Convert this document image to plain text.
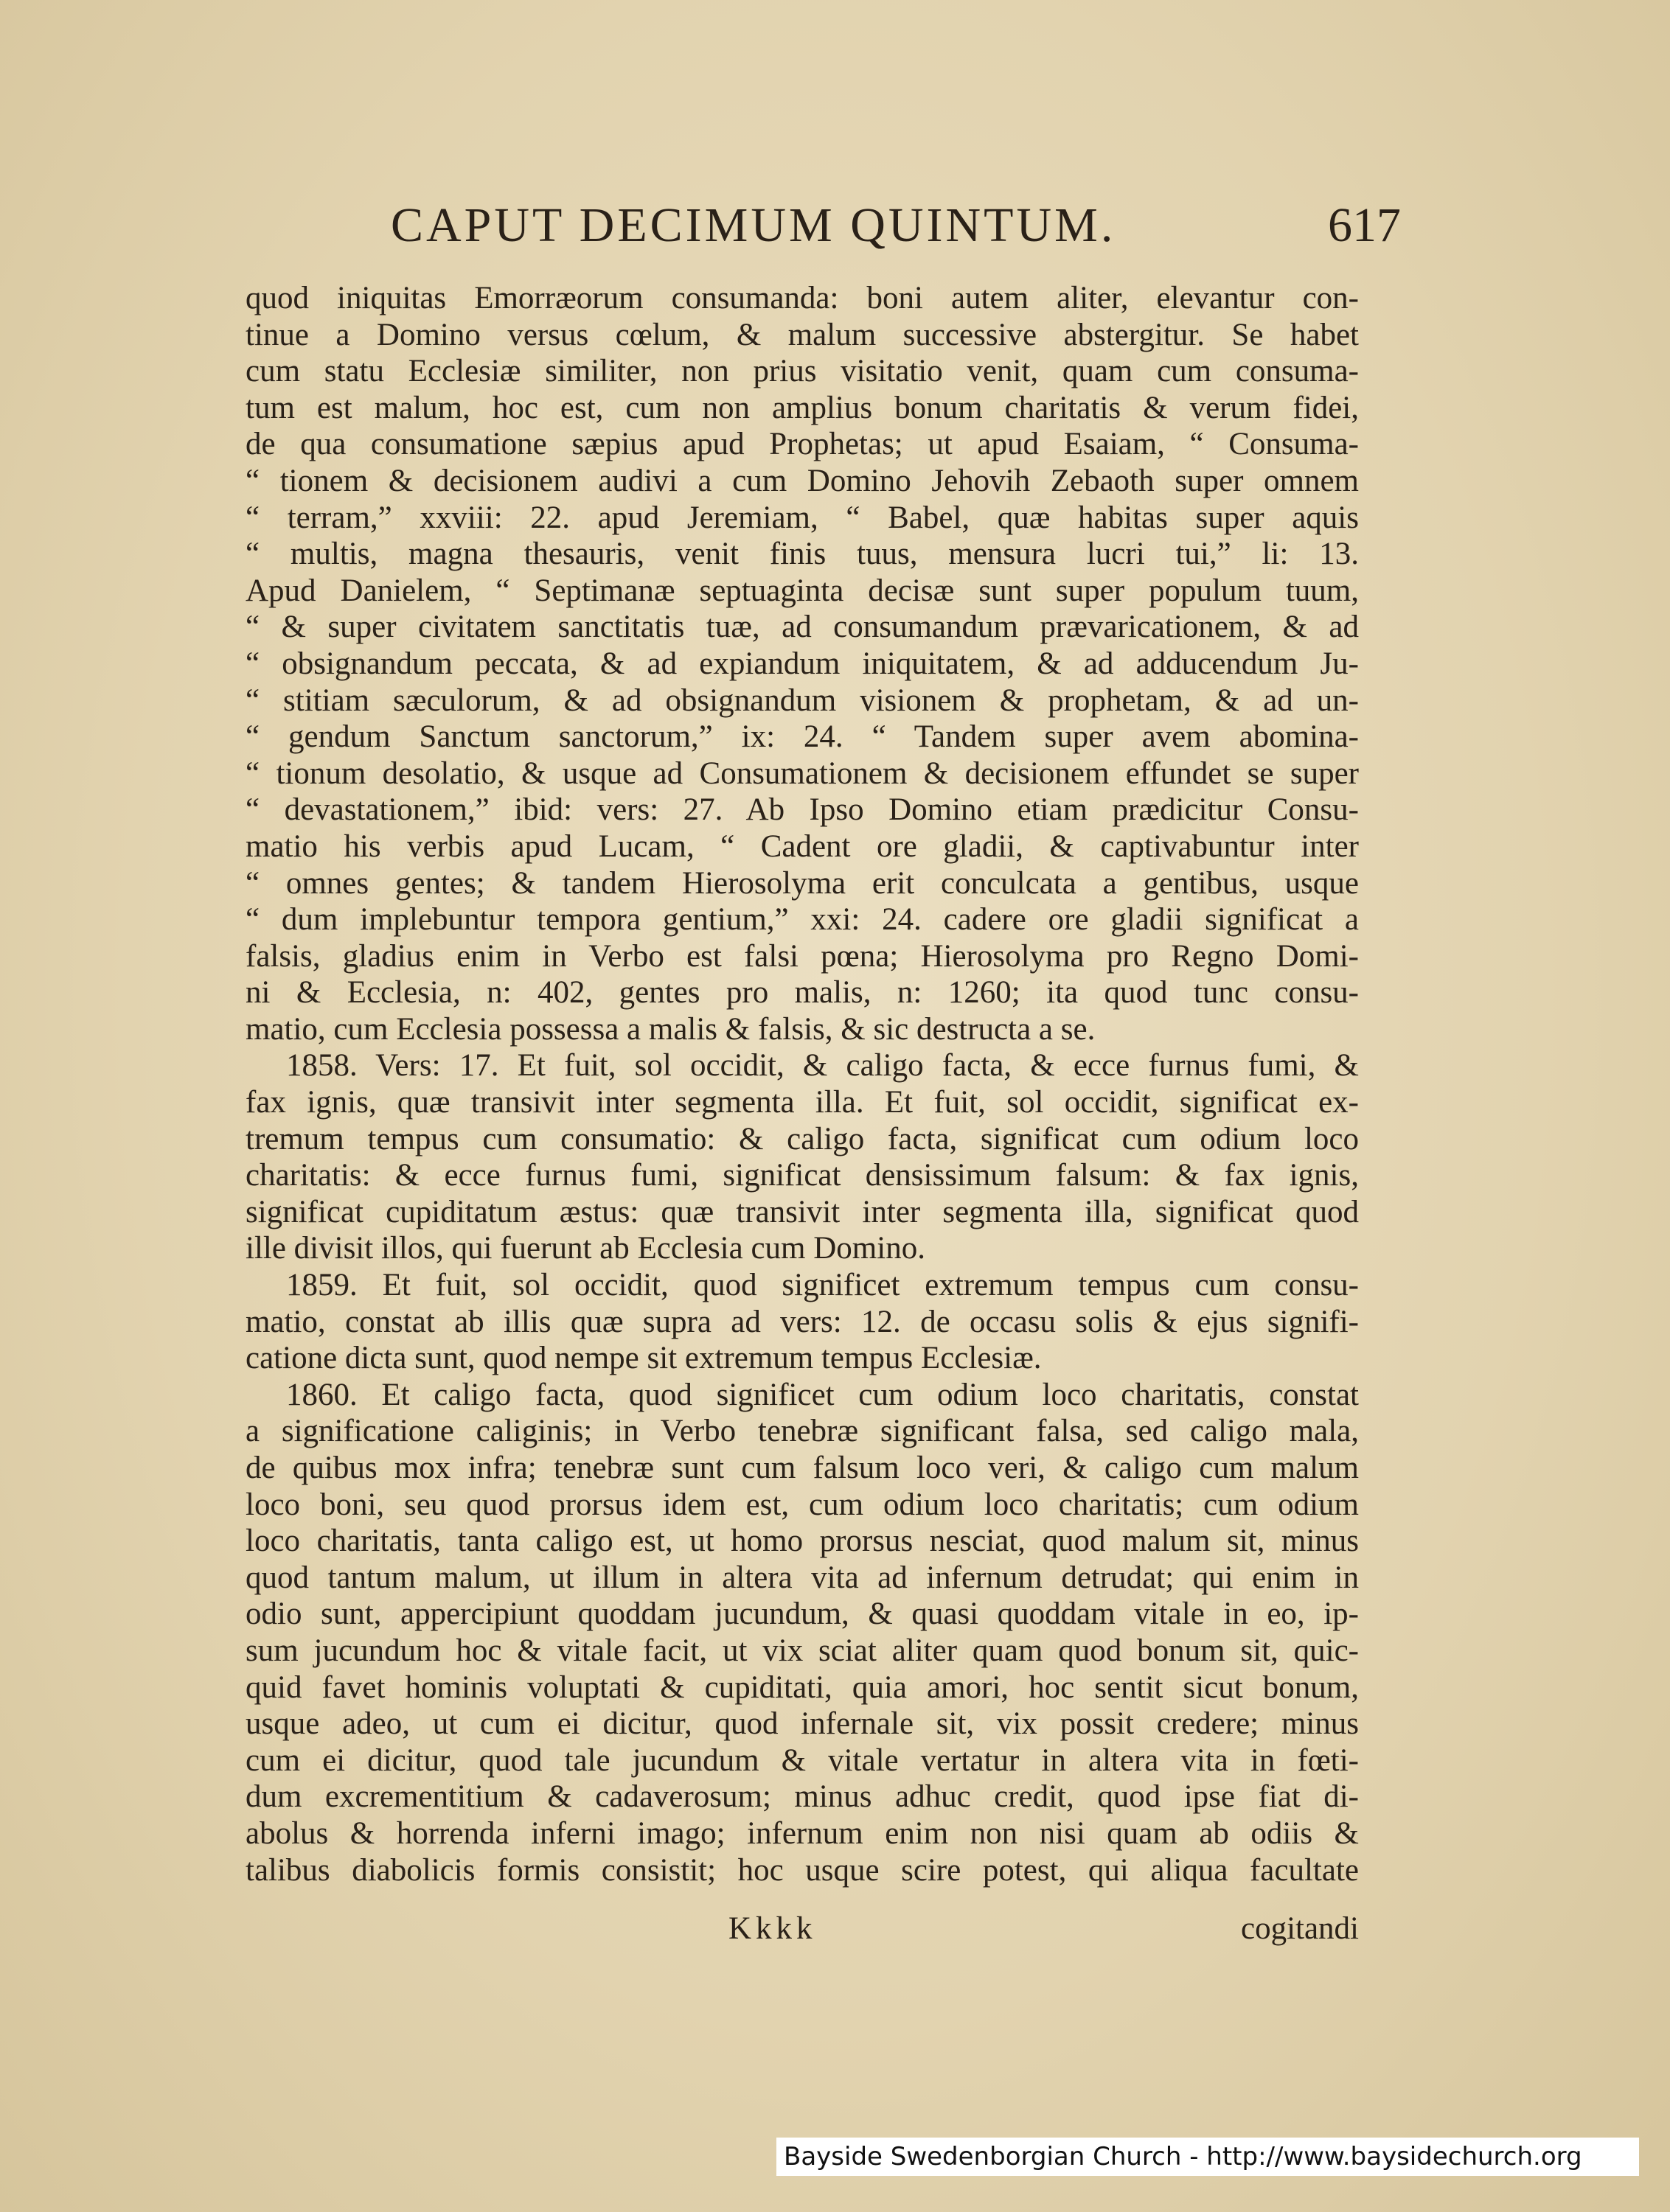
CAPUT DECIMUM QUINTUM.	617
quod iniquitas Emorræorum consumanda: boni autem aliter, elevantur con-
tinue a Domino versus cœlum, & malum successive abstergitur. Se habet
cum statu Ecclesiæ similiter, non prius visitatio venit, quam cum consuma-
tum est malum, hoc est, cum non amplius bonum charitatis & verum fidei,
de qua consumatione sæpius apud Prophetas; ut apud Esaiam, “ Consuma-
“ tionem & decisionem audivi a cum Domino Jehovih Zebaoth super omnem
“ terram,” xxviii: 22. apud Jeremiam, “ Babel, quæ habitas super aquis
“ multis, magna thesauris, venit finis tuus, mensura lucri tui,” li: 13.
Apud Danielem, “ Septimanæ septuaginta decisæ sunt super populum tuum,
“ & super civitatem sanctitatis tuæ, ad consumandum prævaricationem, & ad
“ obsignandum peccata, & ad expiandum iniquitatem, & ad adducendum Ju-
“ stitiam sæculorum, & ad obsignandum visionem & prophetam, & ad un-
“ gendum Sanctum sanctorum,” ix: 24. “ Tandem super avem abomina-
“ tionum desolatio, & usque ad Consumationem & decisionem effundet se super
“ devastationem,” ibid: vers: 27. Ab Ipso Domino etiam prædicitur Consu-
matio his verbis apud Lucam, “ Cadent ore gladii, & captivabuntur inter
“ omnes gentes; & tandem Hierosolyma erit conculcata a gentibus, usque
“ dum implebuntur tempora gentium,” xxi: 24. cadere ore gladii significat a
falsis, gladius enim in Verbo est falsi pœna; Hierosolyma pro Regno Domi-
ni & Ecclesia, n: 402, gentes pro malis, n: 1260; ita quod tunc consu-
matio, cum Ecclesia possessa a malis & falsis, & sic destructa a se.
1858. Vers: 17. Et fuit, sol occidit, & caligo facta, & ecce furnus fumi, &
fax ignis, quæ transivit inter segmenta illa. Et fuit, sol occidit, significat ex-
tremum tempus cum consumatio: & caligo facta, significat cum odium loco
charitatis: & ecce furnus fumi, significat densissimum falsum: & fax ignis,
significat cupiditatum æstus: quæ transivit inter segmenta illa, significat quod
ille divisit illos, qui fuerunt ab Ecclesia cum Domino.
1859. Et fuit, sol occidit, quod significet extremum tempus cum consu-
matio, constat ab illis quæ supra ad vers: 12. de occasu solis & ejus signifi-
catione dicta sunt, quod nempe sit extremum tempus Ecclesiæ.
1860. Et caligo facta, quod significet cum odium loco charitatis, constat
a significatione caliginis; in Verbo tenebræ significant falsa, sed caligo mala,
de quibus mox infra; tenebræ sunt cum falsum loco veri, & caligo cum malum
loco boni, seu quod prorsus idem est, cum odium loco charitatis; cum odium
loco charitatis, tanta caligo est, ut homo prorsus nesciat, quod malum sit, minus
quod tantum malum, ut illum in altera vita ad infernum detrudat; qui enim in
odio sunt, appercipiunt quoddam jucundum, & quasi quoddam vitale in eo, ip-
sum jucundum hoc & vitale facit, ut vix sciat aliter quam quod bonum sit, quic-
quid favet hominis voluptati & cupiditati, quia amori, hoc sentit sicut bonum,
usque adeo, ut cum ei dicitur, quod infernale sit, vix possit credere; minus
cum ei dicitur, quod tale jucundum & vitale vertatur in altera vita in fœti-
dum excrementitium & cadaverosum; minus adhuc credit, quod ipse fiat di-
abolus & horrenda inferni imago; infernum enim non nisi quam ab odiis &
talibus diabolicis formis consistit; hoc usque scire potest, qui aliqua facultate
Kkkk	cogitandi
Bayside Swedenborgian Church - http://www.baysidechurch.org
